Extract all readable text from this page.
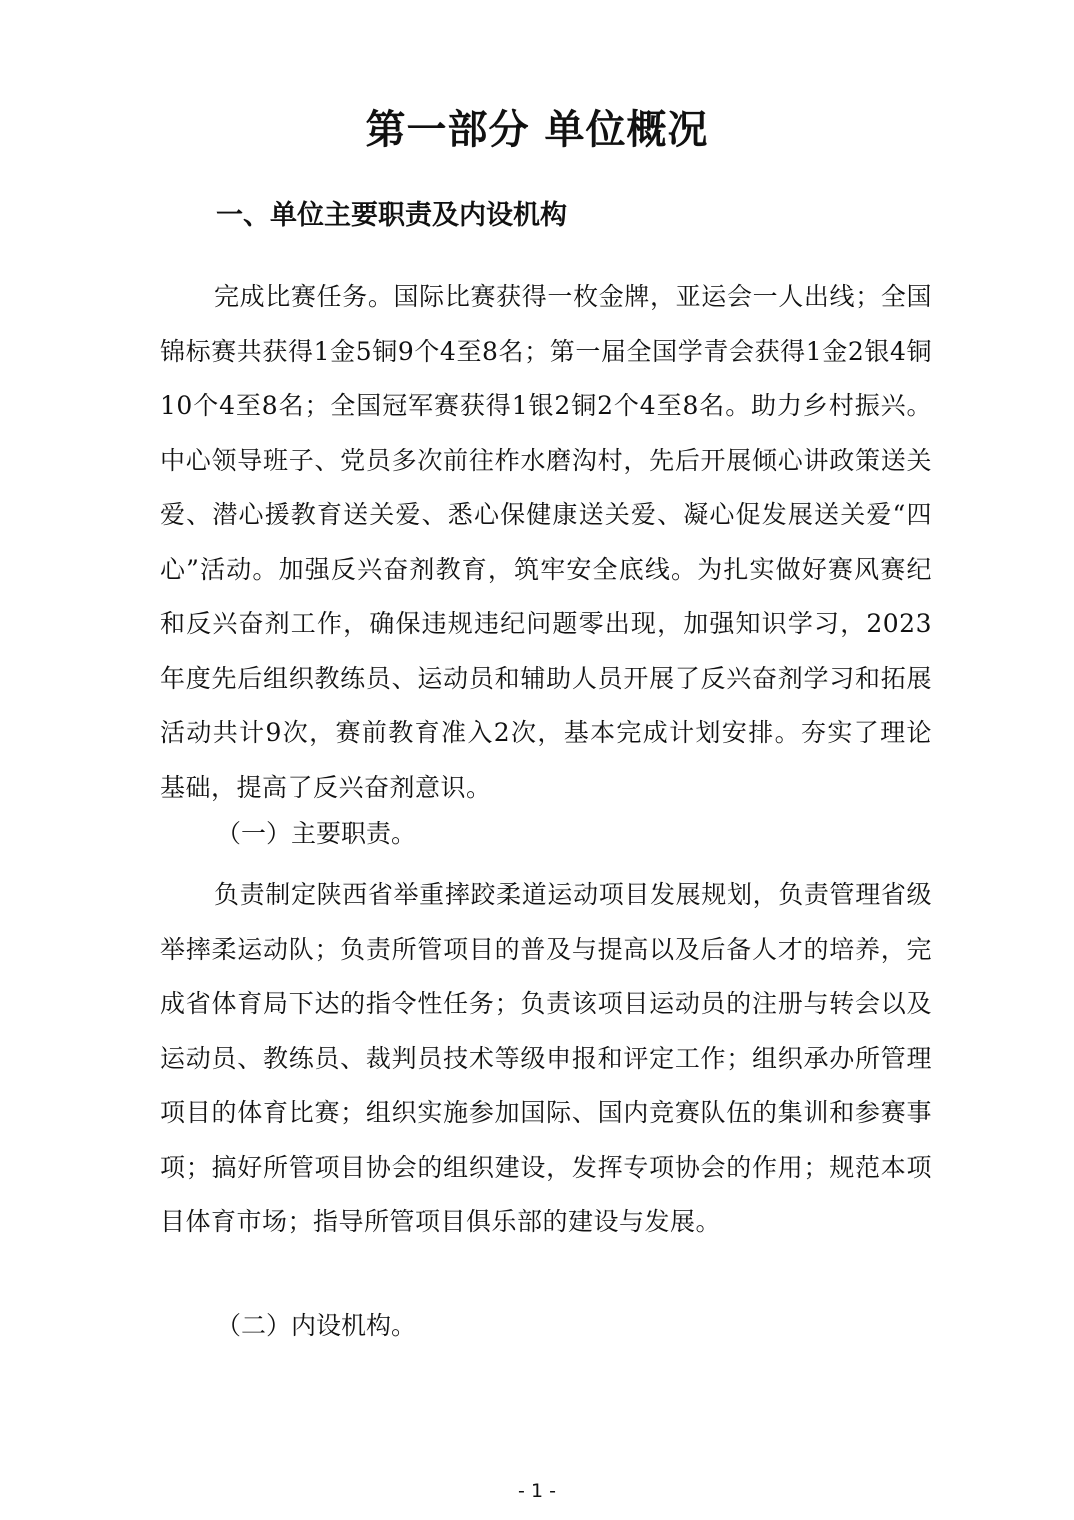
第一部分 单位概况
一、单位主要职责及内设机构

完成比赛任务。国际比赛获得一枚金牌，亚运会一人出线；全国锦标赛共获得1金5铜9个4至8名；第一届全国学青会获得1金2银4铜10个4至8名；全国冠军赛获得1银2铜2个4至8名。助力乡村振兴。中心领导班子、党员多次前往柞水磨沟村，先后开展倾心讲政策送关爱、潜心援教育送关爱、悉心保健康送关爱、凝心促发展送关爱“四心”活动。加强反兴奋剂教育，筑牢安全底线。为扎实做好赛风赛纪和反兴奋剂工作，确保违规违纪问题零出现，加强知识学习，2023年度先后组织教练员、运动员和辅助人员开展了反兴奋剂学习和拓展活动共计9次，赛前教育准入2次，基本完成计划安排。夯实了理论基础，提高了反兴奋剂意识。

（一）主要职责。

负责制定陕西省举重摔跤柔道运动项目发展规划，负责管理省级举摔柔运动队；负责所管项目的普及与提高以及后备人才的培养，完成省体育局下达的指令性任务；负责该项目运动员的注册与转会以及运动员、教练员、裁判员技术等级申报和评定工作；组织承办所管理项目的体育比赛；组织实施参加国际、国内竞赛队伍的集训和参赛事项；搞好所管项目协会的组织建设，发挥专项协会的作用；规范本项目体育市场；指导所管项目俱乐部的建设与发展。

（二）内设机构。

- 1 -
